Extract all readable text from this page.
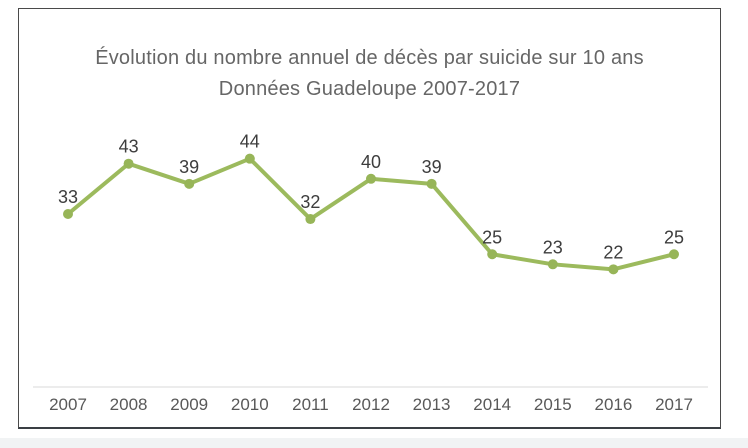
Évolution du nombre annuel de décès par suicide sur 10 ans
Données Guadeloupe 2007-2017
33
2007
43
2008
39
2009
44
2010
32
2011
40
2012
39
2013
25
2014
23
2015
22
2016
25
2017
